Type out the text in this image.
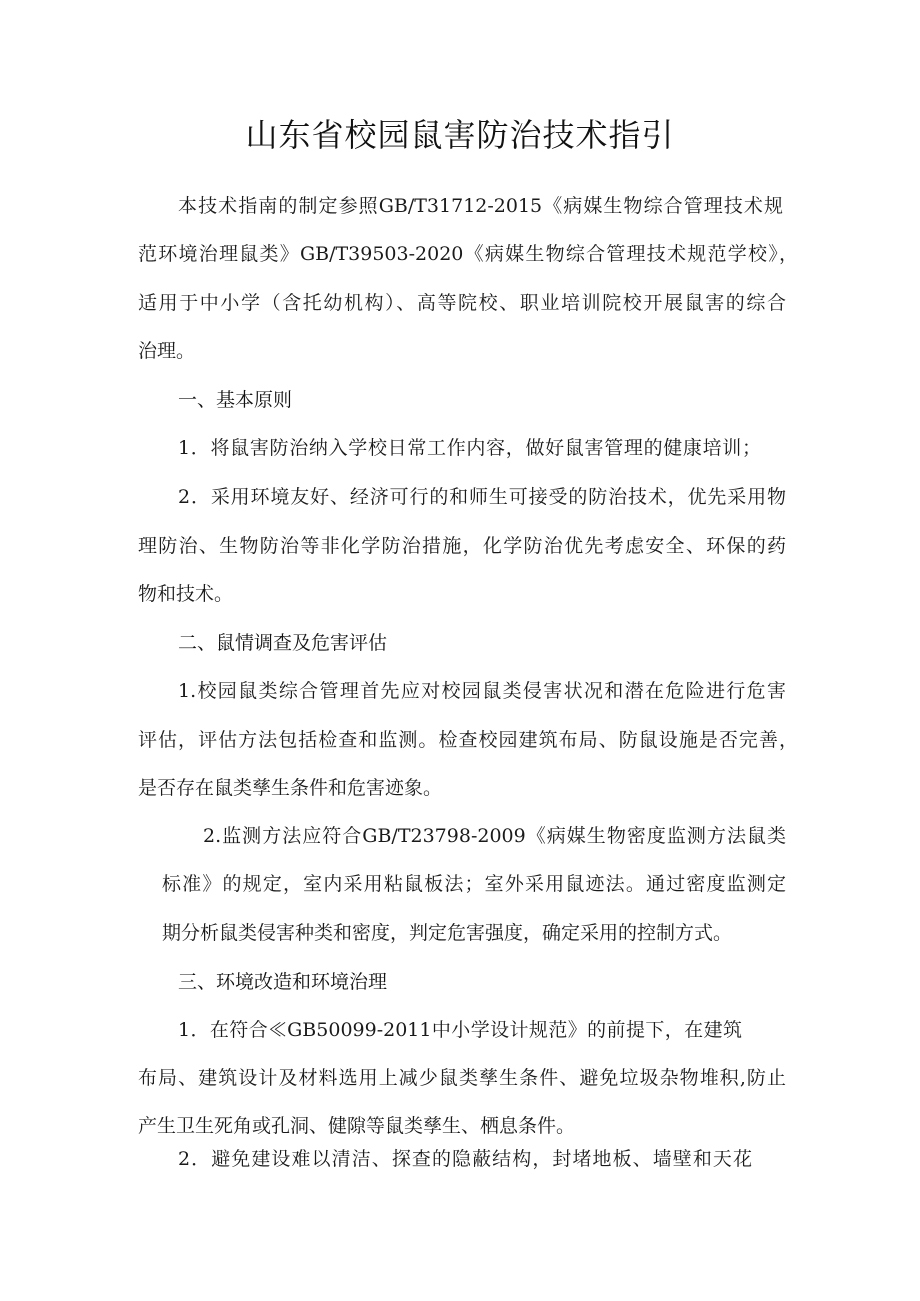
山东省校园鼠害防治技术指引
本技术指南的制定参照GB/T31712-2015《病媒生物综合管理技术规
范环境治理鼠类》GB/T39503-2020《病媒生物综合管理技术规范学校》，
适用于中小学（含托幼机构）、高等院校、职业培训院校开展鼠害的综合
治理。
一、基本原则
1．将鼠害防治纳入学校日常工作内容，做好鼠害管理的健康培训；
2．采用环境友好、经济可行的和师生可接受的防治技术，优先采用物
理防治、生物防治等非化学防治措施，化学防治优先考虑安全、环保的药
物和技术。
二、鼠情调查及危害评估
1.校园鼠类综合管理首先应对校园鼠类侵害状况和潜在危险进行危害
评估，评估方法包括检查和监测。检查校园建筑布局、防鼠设施是否完善，
是否存在鼠类孳生条件和危害迹象。
2.监测方法应符合GB/T23798-2009《病媒生物密度监测方法鼠类
标准》的规定，室内采用粘鼠板法；室外采用鼠迹法。通过密度监测定
期分析鼠类侵害种类和密度，判定危害强度，确定采用的控制方式。
三、环境改造和环境治理
1．在符合≪GB50099-2011中小学设计规范》的前提下，在建筑
布局、建筑设计及材料选用上减少鼠类孳生条件、避免垃圾杂物堆积,防止
产生卫生死角或孔洞、健隙等鼠类孳生、栖息条件。
2．避免建设难以清洁、探查的隐蔽结构，封堵地板、墙壁和天花
